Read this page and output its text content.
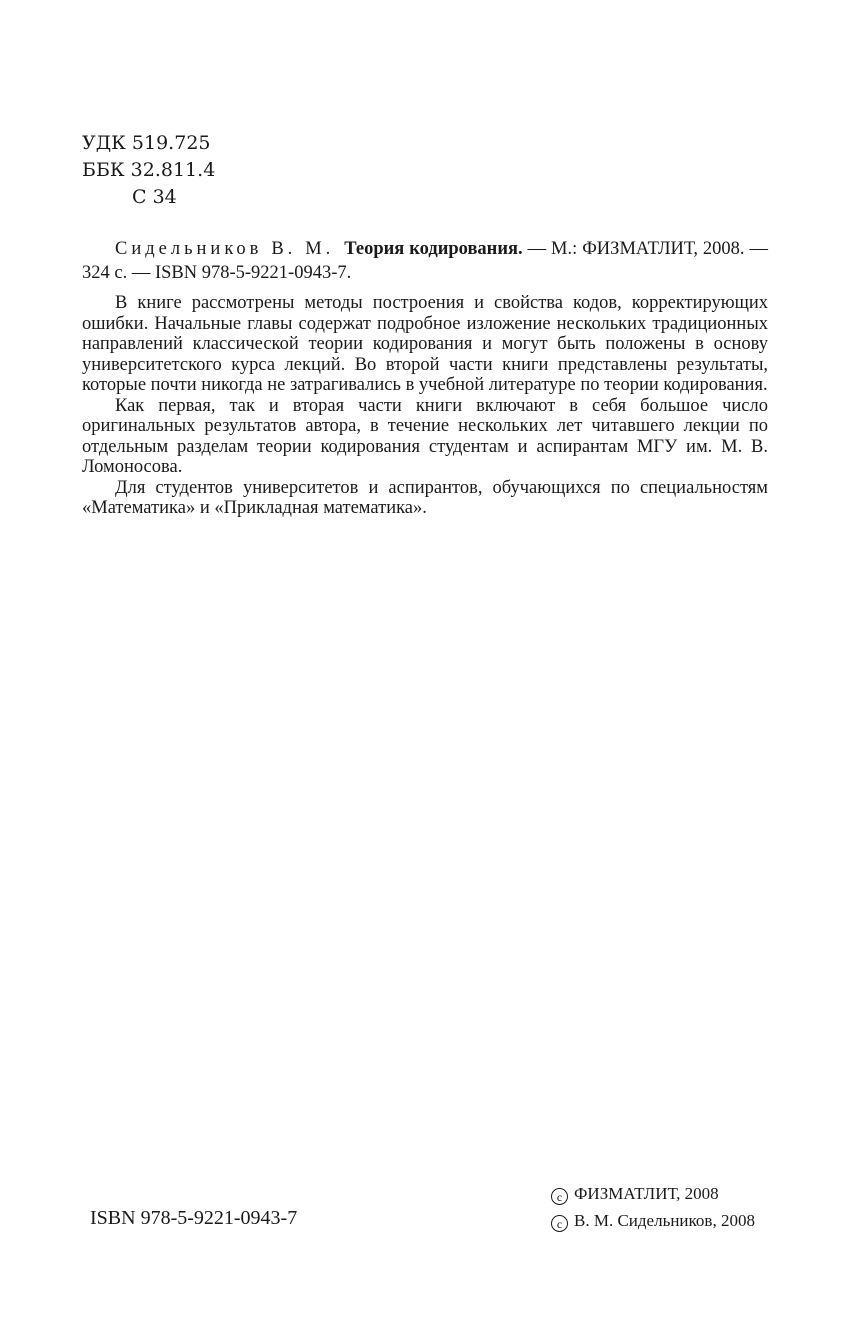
УДК 519.725
ББК 32.811.4
С 34
Сидельников В. М. Теория кодирования. — М.: ФИЗМАТЛИТ, 2008. — 324 с. — ISBN 978-5-9221-0943-7.

В книге рассмотрены методы построения и свойства кодов, корректирующих ошибки. Начальные главы содержат подробное изложение нескольких традиционных направлений классической теории кодирования и могут быть положены в основу университетского курса лекций. Во второй части книги представлены результаты, которые почти никогда не затрагивались в учебной литературе по теории кодирования.

Как первая, так и вторая части книги включают в себя большое число оригинальных результатов автора, в течение нескольких лет читавшего лекции по отдельным разделам теории кодирования студентам и аспирантам МГУ им. М. В. Ломоносова.

Для студентов университетов и аспирантов, обучающихся по специальностям «Математика» и «Прикладная математика».

ISBN 978-5-9221-0943-7
c ФИЗМАТЛИТ, 2008
c В. М. Сидельников, 2008
